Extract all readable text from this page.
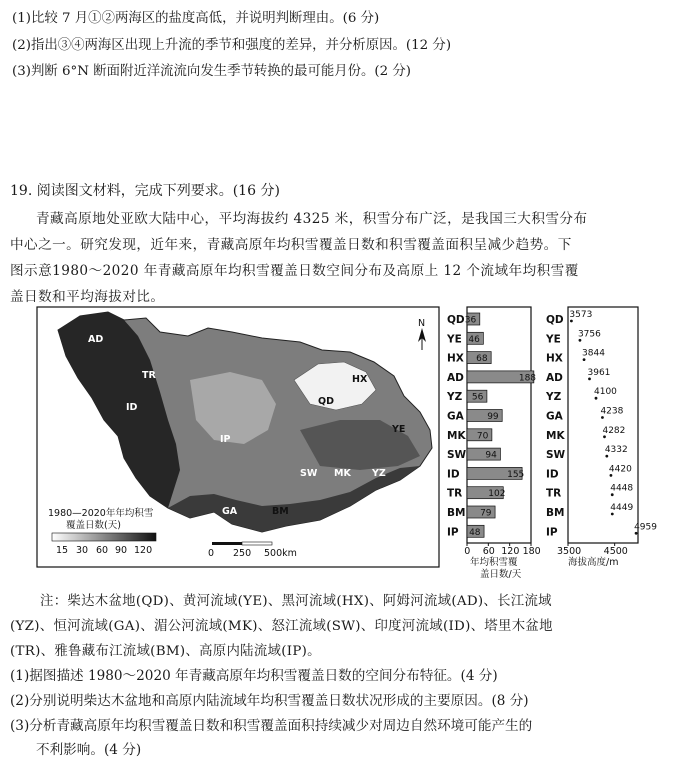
(1)比较 7 月①②两海区的盐度高低，并说明判断理由。(6 分)
(2)指出③④两海区出现上升流的季节和强度的差异，并分析原因。(12 分)
(3)判断 6°N 断面附近洋流流向发生季节转换的最可能月份。(2 分)
19. 阅读图文材料，完成下列要求。(16 分)
青藏高原地处亚欧大陆中心，平均海拔约 4325 米，积雪分布广泛，是我国三大积雪分布
中心之一。研究发现，近年来，青藏高原年均积雪覆盖日数和积雪覆盖面积呈减少趋势。下
图示意1980～2020 年青藏高原年均积雪覆盖日数空间分布及高原上 12 个流域年均积雪覆
盖日数和平均海拔对比。
AD
TR
ID
HX
QD
YE
IP
SW MK YZ
GA	BM
N
1980—2020年年均积雪
覆盖日数(天)
15 30 60 90 120	0 250 500km
QD 36
YE 46
HX 68
AD	188
YZ 56
GA	99
MK 70
SW 94
ID	155
TR	102
BM 79
IP 48
0 60 120 180
年均积雪覆
盖日数/天
QD 3573
YE 3756
HX 3844
AD	3961
YZ	4100
GA	4238
MK	4282
SW	4332
ID	4420
TR	4448
BM	4449
IP	4959
3500 4500
海拔高度/m
注：柴达木盆地(QD)、黄河流域(YE)、黑河流域(HX)、阿姆河流域(AD)、长江流域
(YZ)、恒河流域(GA)、湄公河流域(MK)、怒江流域(SW)、印度河流域(ID)、塔里木盆地
(TR)、雅鲁藏布江流域(BM)、高原内陆流域(IP)。
(1)据图描述 1980～2020 年青藏高原年均积雪覆盖日数的空间分布特征。(4 分)
(2)分别说明柴达木盆地和高原内陆流域年均积雪覆盖日数状况形成的主要原因。(8 分)
(3)分析青藏高原年均积雪覆盖日数和积雪覆盖面积持续减少对周边自然环境可能产生的
不利影响。(4 分)
